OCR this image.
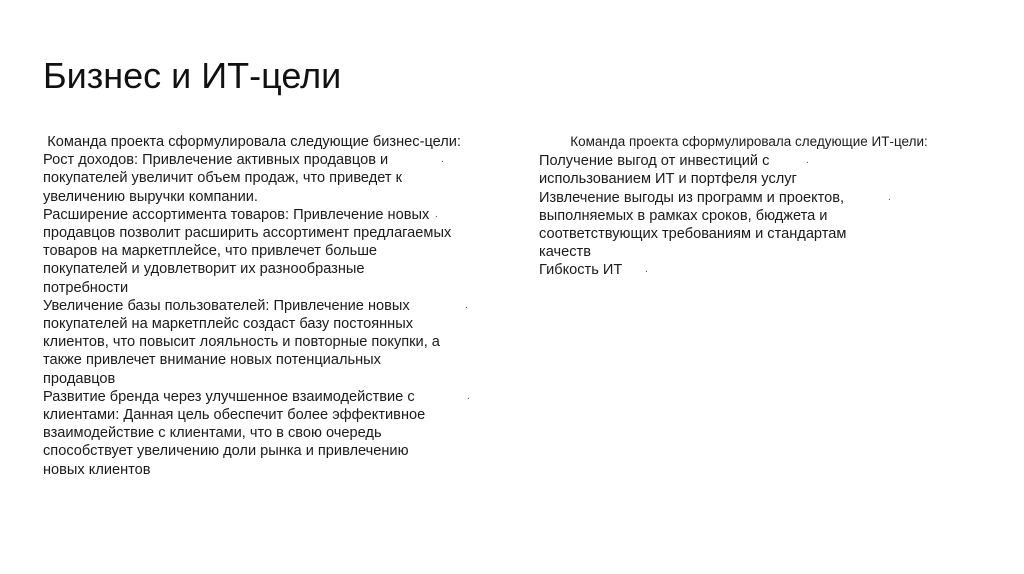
Бизнес и ИТ-цели
Команда проекта сформулировала следующие бизнес-цели:
Рост доходов: Привлечение активных продавцов и покупателей увеличит объем продаж, что приведет к увеличению выручки компании.
.
Расширение ассортимента товаров: Привлечение новых продавцов позволит расширить ассортимент предлагаемых товаров на маркетплейсе, что привлечет больше покупателей и удовлетворит их разнообразные потребности
.
Увеличение базы пользователей: Привлечение новых покупателей на маркетплейс создаст базу постоянных клиентов, что повысит лояльность и повторные покупки, а также привлечет внимание новых потенциальных продавцов
.
Развитие бренда через улучшенное взаимодействие с клиентами: Данная цель обеспечит более эффективное взаимодействие с клиентами, что в свою очередь способствует увеличению доли рынка и привлечению новых клиентов
.
Команда проекта сформулировала следующие ИТ-цели:
Получение выгод от инвестиций с использованием ИТ и портфеля услуг
.
Извлечение выгоды из программ и проектов, выполняемых в рамках сроков, бюджета и соответствующих требованиям и стандартам качеств
.
Гибкость ИТ .
